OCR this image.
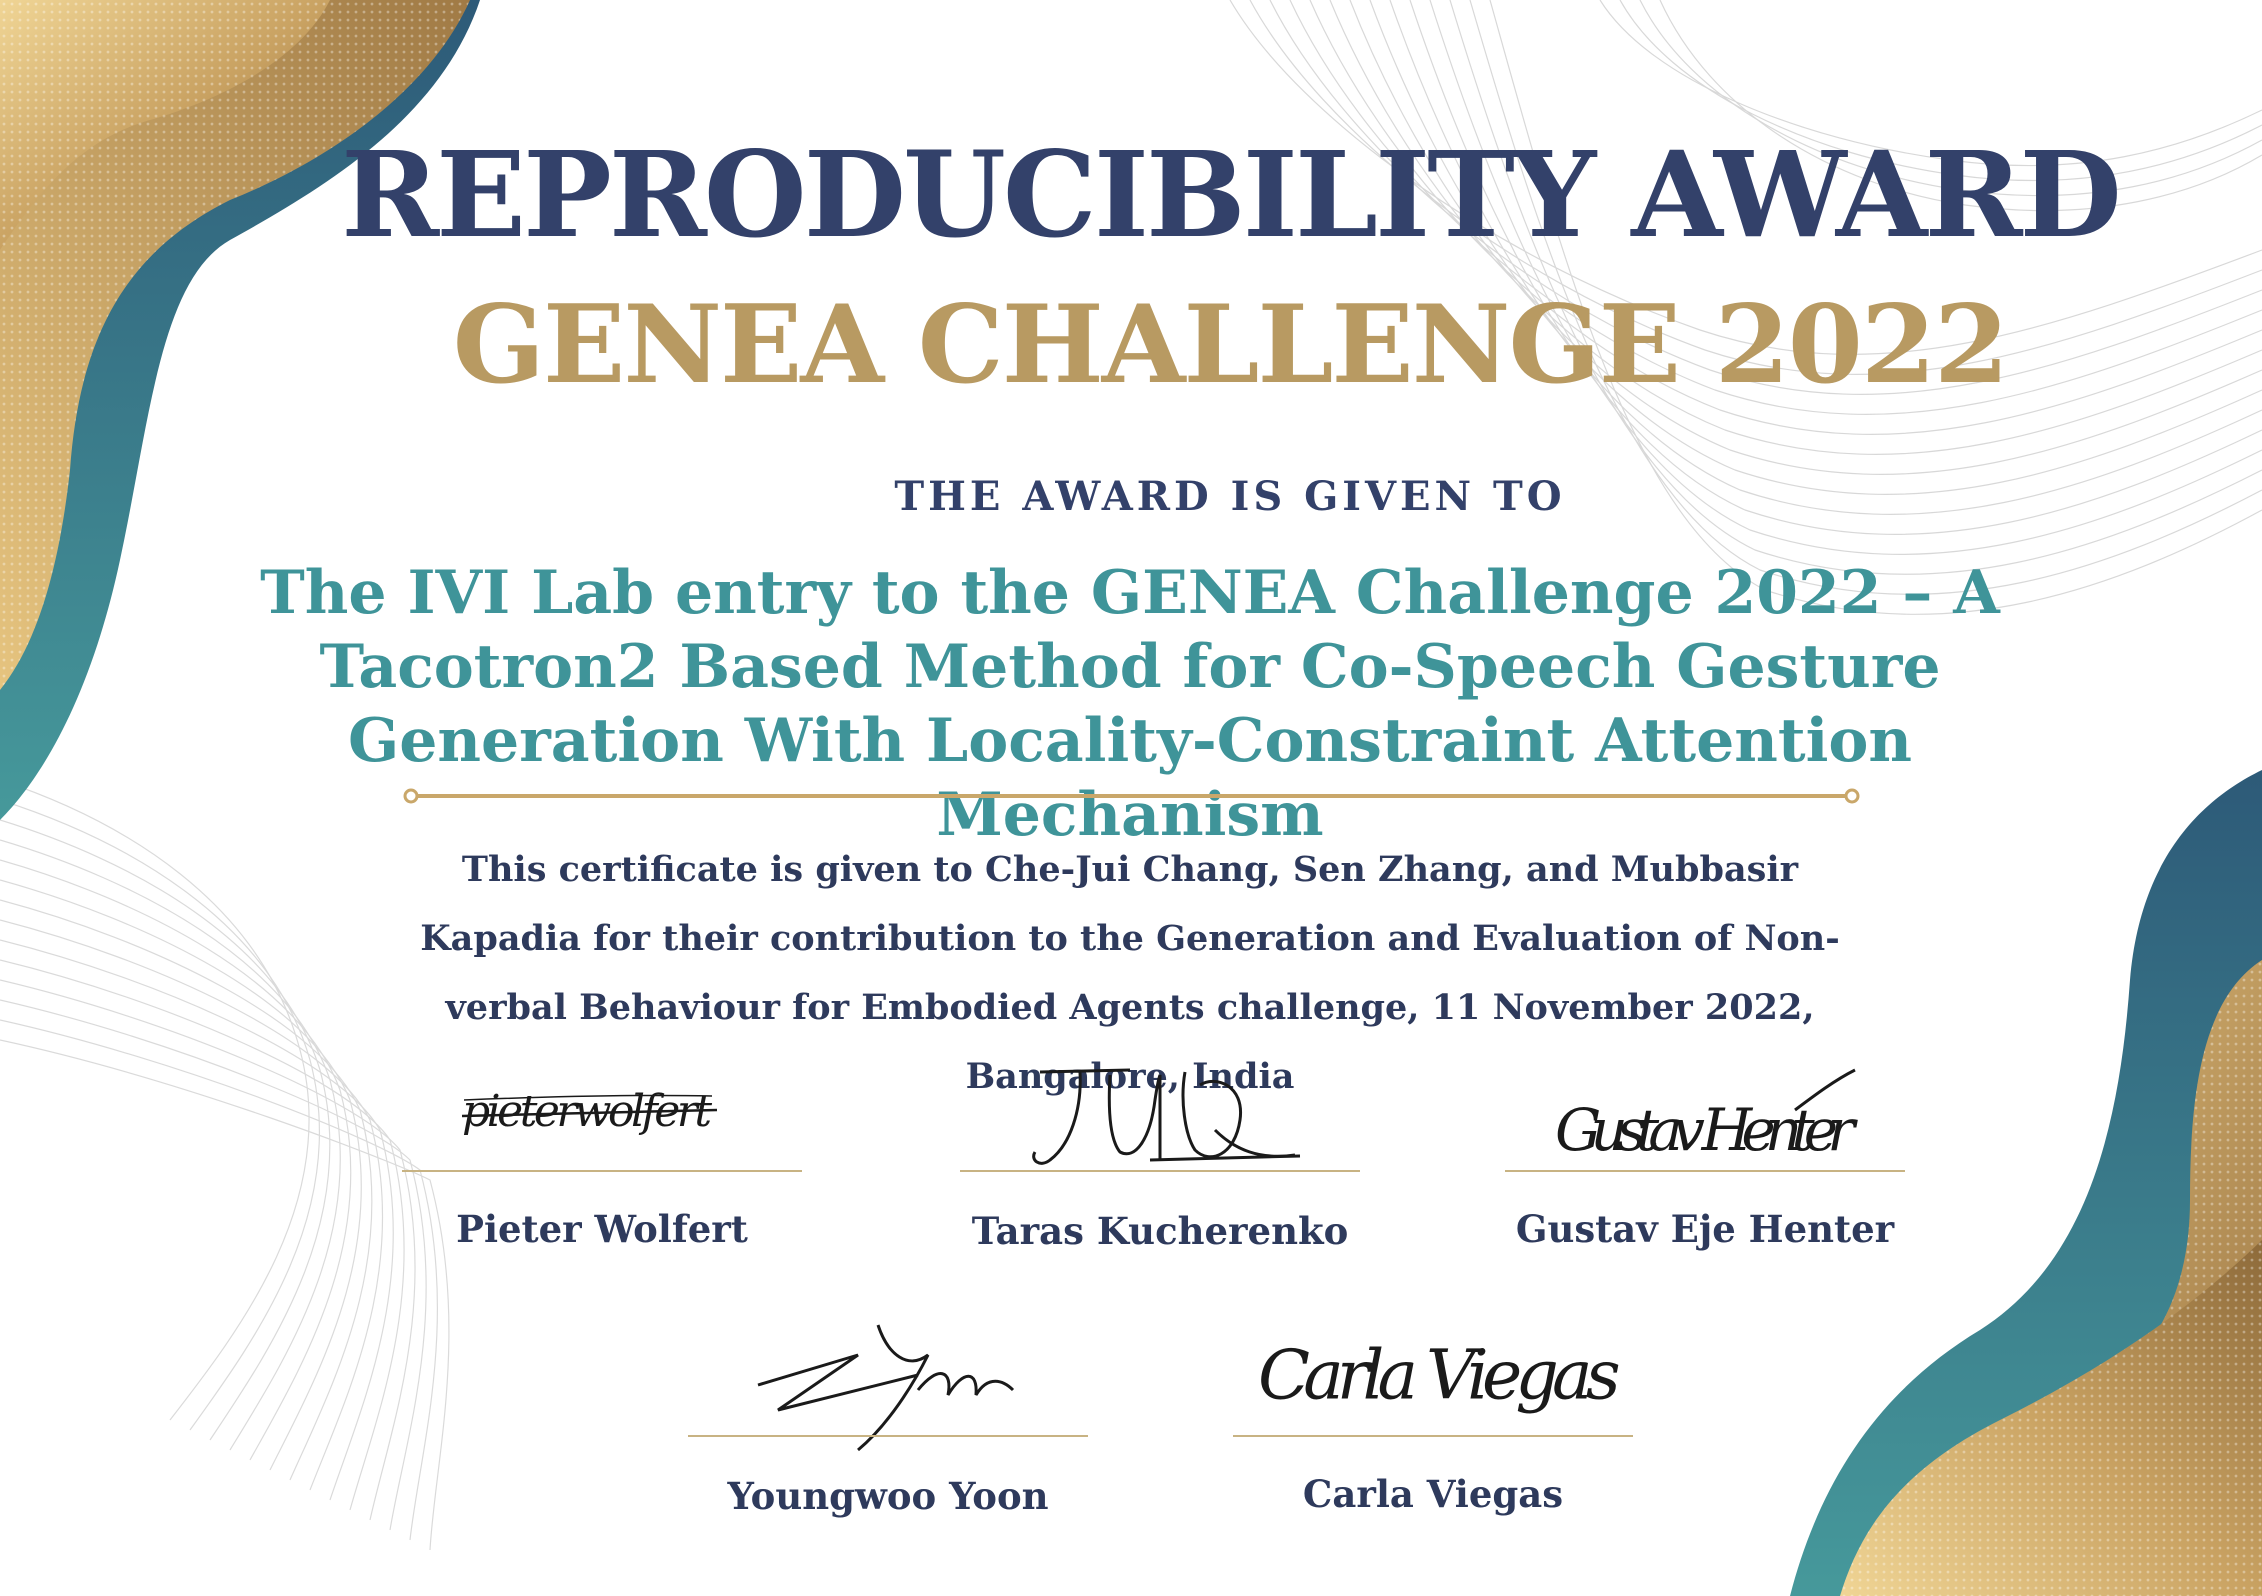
REPRODUCIBILITY AWARD
GENEA CHALLENGE 2022
THE AWARD IS GIVEN TO
The IVI Lab entry to the GENEA Challenge 2022 – A Tacotron2 Based Method for Co-Speech Gesture Generation With Locality-Constraint Attention Mechanism
This certificate is given to Che-Jui Chang, Sen Zhang, and Mubbasir Kapadia for their contribution to the Generation and Evaluation of Non-verbal Behaviour for Embodied Agents challenge, 11 November 2022, Bangalore, India
pieterwolfert
Pieter Wolfert	Taras Kucherenko
Gustav Henter
Gustav Eje Henter
Youngwoo Yoon
Carla Viegas
Carla Viegas
